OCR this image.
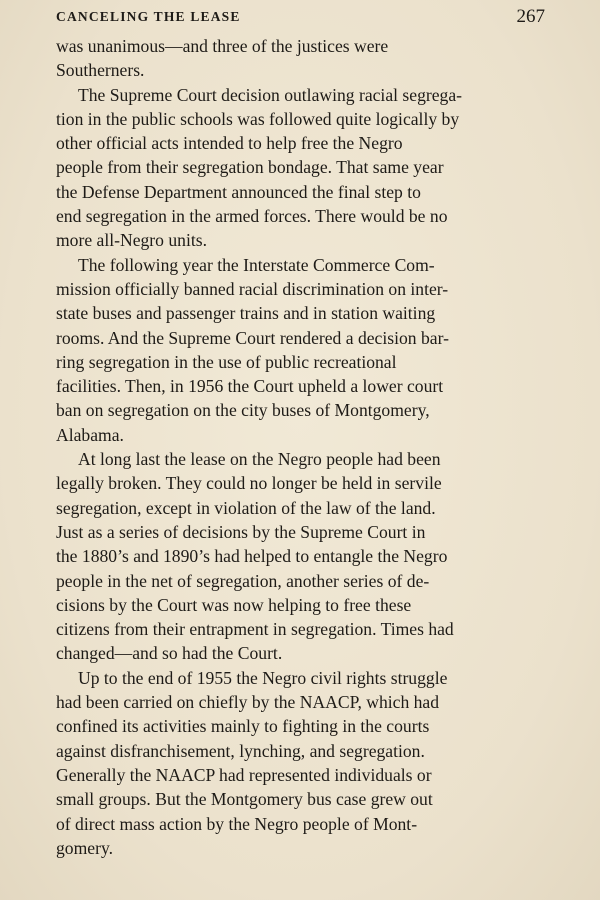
CANCELING THE LEASE	267

was unanimous—and three of the justices were
Southerners.

The Supreme Court decision outlawing racial segrega-
tion in the public schools was followed quite logically by
other official acts intended to help free the Negro
people from their segregation bondage. That same year
the Defense Department announced the final step to
end segregation in the armed forces. There would be no
more all-Negro units.

The following year the Interstate Commerce Com-
mission officially banned racial discrimination on inter-
state buses and passenger trains and in station waiting
rooms. And the Supreme Court rendered a decision bar-
ring segregation in the use of public recreational
facilities. Then, in 1956 the Court upheld a lower court
ban on segregation on the city buses of Montgomery,
Alabama.

At long last the lease on the Negro people had been
legally broken. They could no longer be held in servile
segregation, except in violation of the law of the land.
Just as a series of decisions by the Supreme Court in
the 1880’s and 1890’s had helped to entangle the Negro
people in the net of segregation, another series of de-
cisions by the Court was now helping to free these
citizens from their entrapment in segregation. Times had
changed—and so had the Court.

Up to the end of 1955 the Negro civil rights struggle
had been carried on chiefly by the NAACP, which had
confined its activities mainly to fighting in the courts
against disfranchisement, lynching, and segregation.
Generally the NAACP had represented individuals or
small groups. But the Montgomery bus case grew out
of direct mass action by the Negro people of Mont-
gomery.
